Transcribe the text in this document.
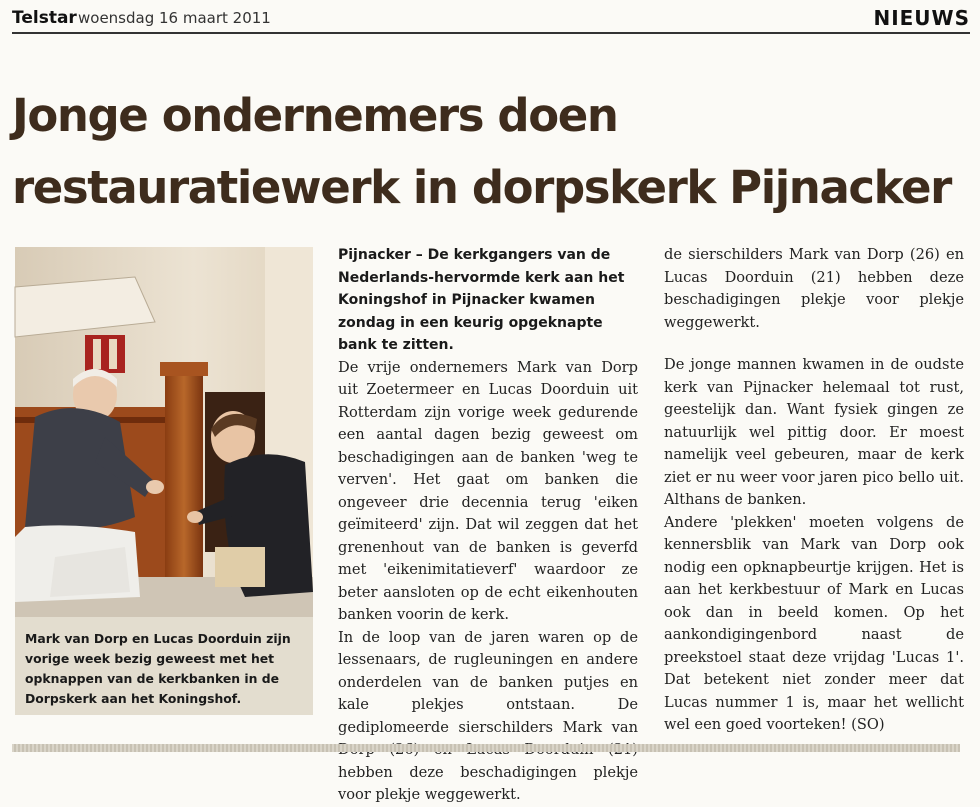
Telstar woensdag 16 maart 2011	NIEUWS
Jonge ondernemers doen
restauratiewerk in dorpskerk Pijnacker
Mark van Dorp en Lucas Doorduin zijn vorige week bezig geweest met het opknappen van de kerkbanken in de Dorpskerk aan het Koningshof.

Pijnacker – De kerkgangers van de Nederlands-hervormde kerk aan het Koningshof in Pijnacker kwamen zondag in een keurig opgeknapte bank te zitten.

De vrije ondernemers Mark van Dorp uit Zoetermeer en Lucas Doorduin uit Rotterdam zijn vorige week gedurende een aantal dagen bezig geweest om beschadigingen aan de banken 'weg te verven'. Het gaat om banken die ongeveer drie decennia terug 'eiken geïmiteerd' zijn. Dat wil zeggen dat het grenenhout van de banken is geverfd met 'eikenimitatieverf' waardoor ze beter aansloten op de echt eikenhouten banken voorin de kerk.

In de loop van de jaren waren op de lessenaars, de rugleuningen en andere onderdelen van de banken putjes en kale plekjes ontstaan. De gediplomeerde sierschilders Mark van hebben deze beschadigingen plekje voor plekje weggewerkt.

de sierschilders Mark van Dorp (26) en Lucas Doorduin (21) hebben deze beschadigingen plekje voor plekje weggewerkt.

De jonge mannen kwamen in de oudste kerk van Pijnacker helemaal tot rust, geestelijk dan. Want fysiek gingen ze natuurlijk wel pittig door. Er moest namelijk veel gebeuren, maar de kerk ziet er nu weer voor jaren pico bello uit. Althans de banken.

Andere 'plekken' moeten volgens de kennersblik van Mark van Dorp ook nodig een opknapbeurtje krijgen. Het is aan het kerkbestuur of Mark en Lucas ook dan in beeld komen. Op het aankondigingenbord naast de preekstoel staat deze vrijdag 'Lucas 1'. Dat betekent niet zonder meer dat Lucas nummer 1 is, maar het wellicht wel een goed voorteken! (SO)
